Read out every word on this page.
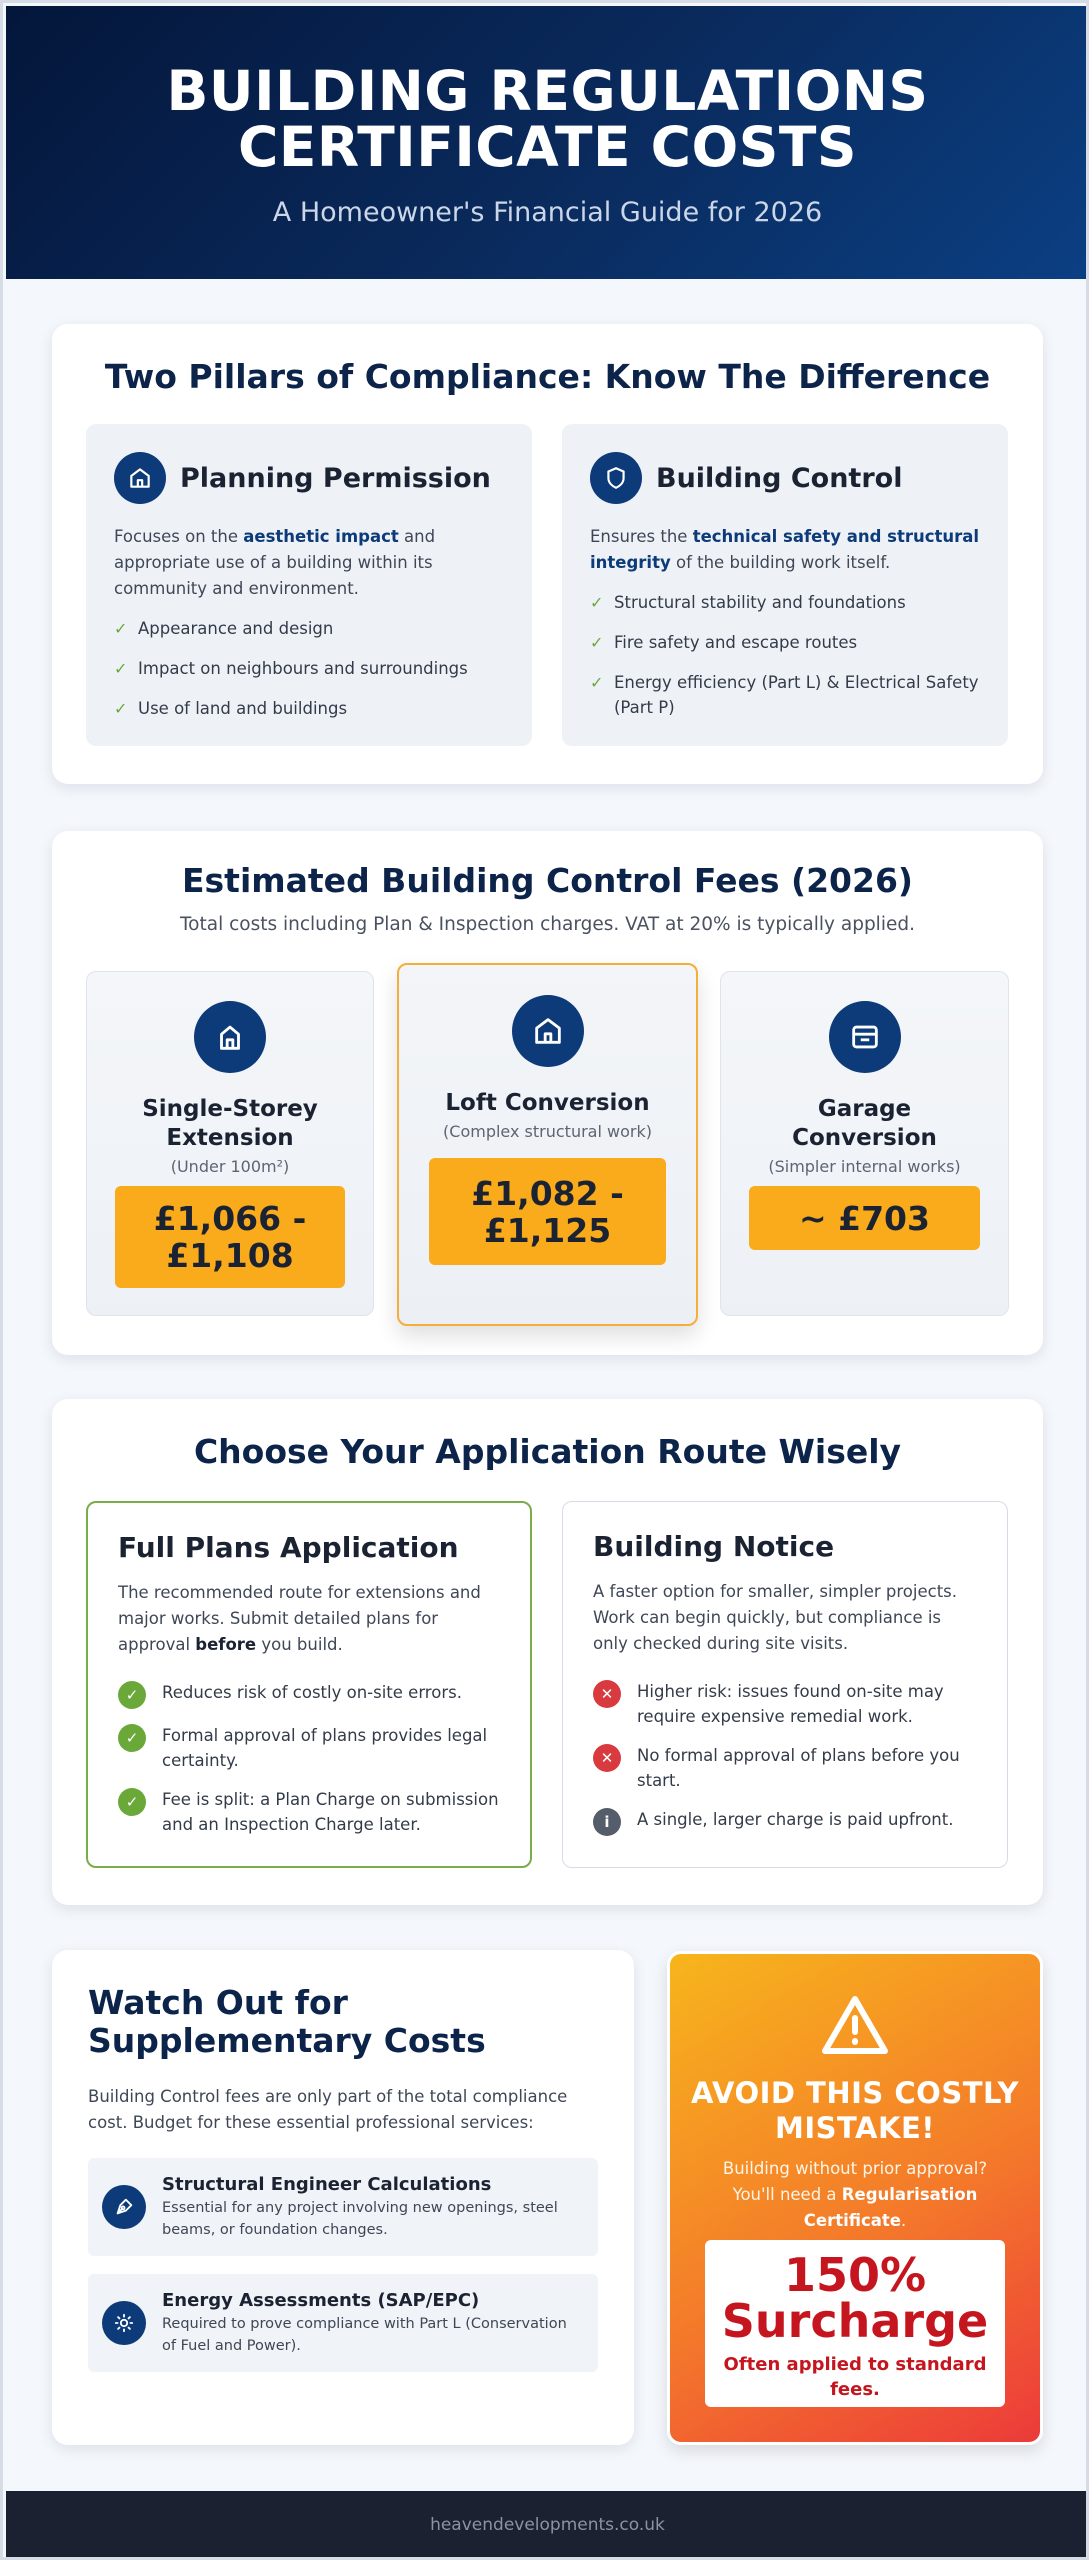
BUILDING REGULATIONS CERTIFICATE COSTS
A Homeowner's Financial Guide for 2026
Two Pillars of Compliance: Know The Difference
Planning Permission

Focuses on the aesthetic impact and appropriate use of a building within its community and environment.

✓ Appearance and design
✓ Impact on neighbours and surroundings
✓ Use of land and buildings
Building Control

Ensures the technical safety and structural integrity of the building work itself.

✓ Structural stability and foundations
✓ Fire safety and escape routes
✓ Energy efficiency (Part L) & Electrical Safety (Part P)
Estimated Building Control Fees (2026)
Total costs including Plan & Inspection charges. VAT at 20% is typically applied.
Single-Storey Extension
(Under 100m²)
£1,066 - £1,108
Loft Conversion
(Complex structural work)
£1,082 - £1,125
Garage Conversion
(Simpler internal works)
~ £703
Choose Your Application Route Wisely
Full Plans Application

The recommended route for extensions and major works. Submit detailed plans for approval before you build.

✓	Reduces risk of costly on-site errors.
✓	Formal approval of plans provides legal certainty.
✓	Fee is split: a Plan Charge on submission and an Inspection Charge later.
Building Notice

A faster option for smaller, simpler projects. Work can begin quickly, but compliance is only checked during site visits.

✕	Higher risk: issues found on-site may require expensive remedial work.
✕	No formal approval of plans before you start.
i	A single, larger charge is paid upfront.
Watch Out for Supplementary Costs

Building Control fees are only part of the total compliance cost. Budget for these essential professional services:

Structural Engineer Calculations

Essential for any project involving new openings, steel beams, or foundation changes.

Energy Assessments (SAP/EPC)

Required to prove compliance with Part L (Conservation of Fuel and Power).

AVOID THIS COSTLY MISTAKE!

Building without prior approval? You'll need a Regularisation Certificate.

150% Surcharge
Often applied to standard fees.
heavendevelopments.co.uk
